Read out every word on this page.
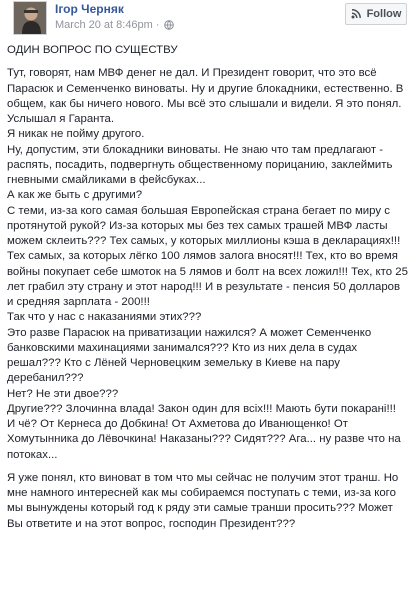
Ігор Черняк
March 20 at 8:46pm ·
Follow

ОДИН ВОПРОС ПО СУЩЕСТВУ

Тут, говорят, нам МВФ денег не дал. И Президент говорит, что это всё Парасюк и Семенченко виноваты. Ну и другие блокадники, естественно. В общем, как бы ничего нового. Мы всё это слышали и видели. Я это понял. Услышал я Гаранта.

Я никак не пойму другого.

Ну, допустим, эти блокадники виноваты. Не знаю что там предлагают - распять, посадить, подвергнуть общественному порицанию, заклеймить гневными смайликами в фейсбуках...

А как же быть с другими?

С теми, из-за кого самая большая Европейская страна бегает по миру с протянутой рукой? Из-за которых мы без тех самых трашей МВФ ласты можем склеить??? Тех самых, у которых миллионы кэша в декларациях!!! Тех самых, за которых лёгко 100 лямов залога вносят!!! Тех, кто во время войны покупает себе шмоток на 5 лямов и болт на всех ложил!!! Тех, кто 25 лет грабил эту страну и этот народ!!! И в результате - пенсия 50 долларов и средняя зарплата - 200!!!

Так что у нас с наказаниями этих???

Это разве Парасюк на приватизации нажился? А может Семенченко банковскими махинациями занимался??? Кто из них дела в судах решал??? Кто с Лёней Черновецким земельку в Киеве на пару деребанил???

Нет? Не эти двое???

Другие??? Злочинна влада! Закон один для всіх!!! Мають бути покарані!!!

И чё? От Кернеса до Добкина! От Ахметова до Иванющенко! От Хомутынника до Лёвочкина! Наказаны??? Сидят??? Ага... ну разве что на потоках...

Я уже понял, кто виноват в том что мы сейчас не получим этот транш. Но мне намного интересней как мы собираемся поступать с теми, из-за кого мы вынуждены который год к ряду эти самые транши просить??? Может Вы ответите и на этот вопрос, господин Президент???
